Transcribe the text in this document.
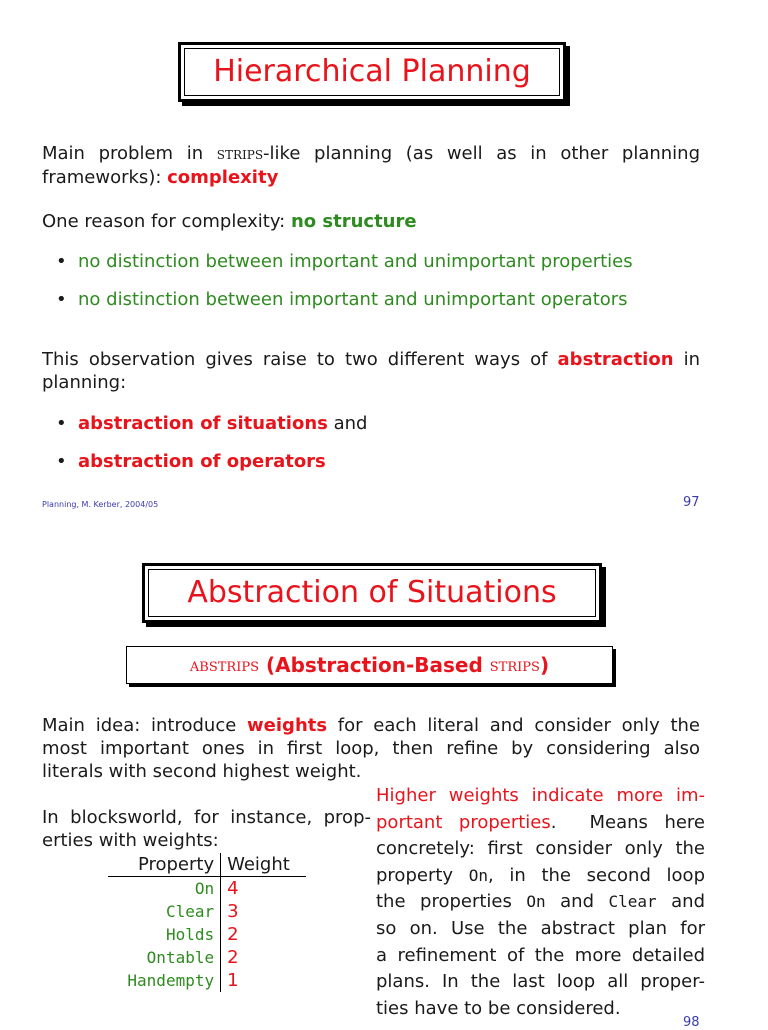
Hierarchical Planning
Main problem in strips-like planning (as well as in other planning
frameworks): complexity
One reason for complexity: no structure
• no distinction between important and unimportant properties
• no distinction between important and unimportant operators
This observation gives raise to two different ways of abstraction in
planning:
• abstraction of situations and
• abstraction of operators
Planning, M. Kerber, 2004/05	97
Abstraction of Situations
abstrips (Abstraction-Based strips )
Main idea: introduce weights for each literal and consider only the
most important ones in first loop, then refine by considering also
literals with second highest weight.
In blocksworld, for instance, prop-
erties with weights:
Property	Weight
On	4
Clear	3
Holds	2
Ontable	2
Handempty	1
Higher weights indicate more im-
portant properties.  Means here
concretely: first consider only the
property On, in the second loop
the properties On and Clear and
so on. Use the abstract plan for
a refinement of the more detailed
plans. In the last loop all proper-
ties have to be considered.
98
